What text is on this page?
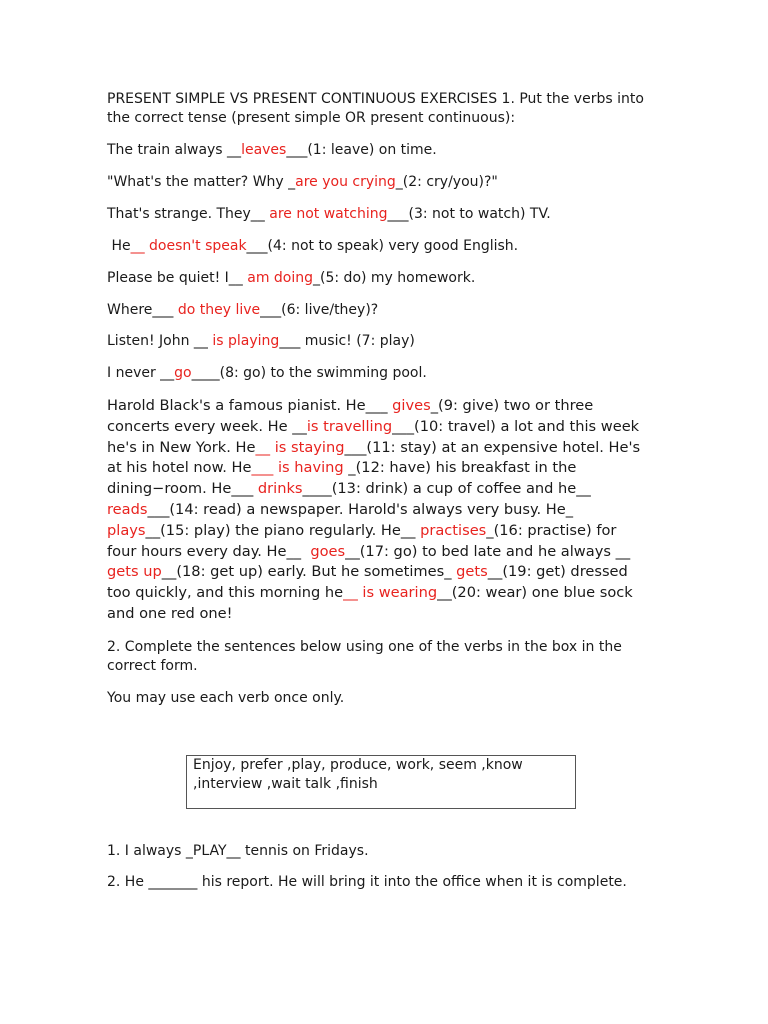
PRESENT SIMPLE VS PRESENT CONTINUOUS EXERCISES 1. Put the verbs into
the correct tense (present simple OR present continuous):

The train always __leaves___(1: leave) on time.

"What's the matter? Why _are you crying_(2: cry/you)?"

That's strange. They__ are not watching___(3: not to watch) TV.

He__ doesn't speak___(4: not to speak) very good English.

Please be quiet! I__ am doing_(5: do) my homework.

Where___ do they live___(6: live/they)?

Listen! John __ is playing___ music! (7: play)

I never __go____(8: go) to the swimming pool.

Harold Black's a famous pianist. He___ gives_(9: give) two or three
concerts every week. He __is travelling___(10: travel) a lot and this week
he's in New York. He__ is staying___(11: stay) at an expensive hotel. He's
at his hotel now. He___ is having _(12: have) his breakfast in the
dining−room. He___ drinks____(13: drink) a cup of coffee and he__
reads___(14: read) a newspaper. Harold's always very busy. He_
plays__(15: play) the piano regularly. He__ practises_(16: practise) for
four hours every day. He__  goes__(17: go) to bed late and he always __
gets up__(18: get up) early. But he sometimes_ gets__(19: get) dressed
too quickly, and this morning he__ is wearing__(20: wear) one blue sock
and one red one!

2. Complete the sentences below using one of the verbs in the box in the
correct form.

You may use each verb once only.

Enjoy, prefer ,play, produce, work, seem ,know
,interview ,wait talk ,finish

1. I always _PLAY__ tennis on Fridays.

2. He _______ his report. He will bring it into the office when it is complete.
